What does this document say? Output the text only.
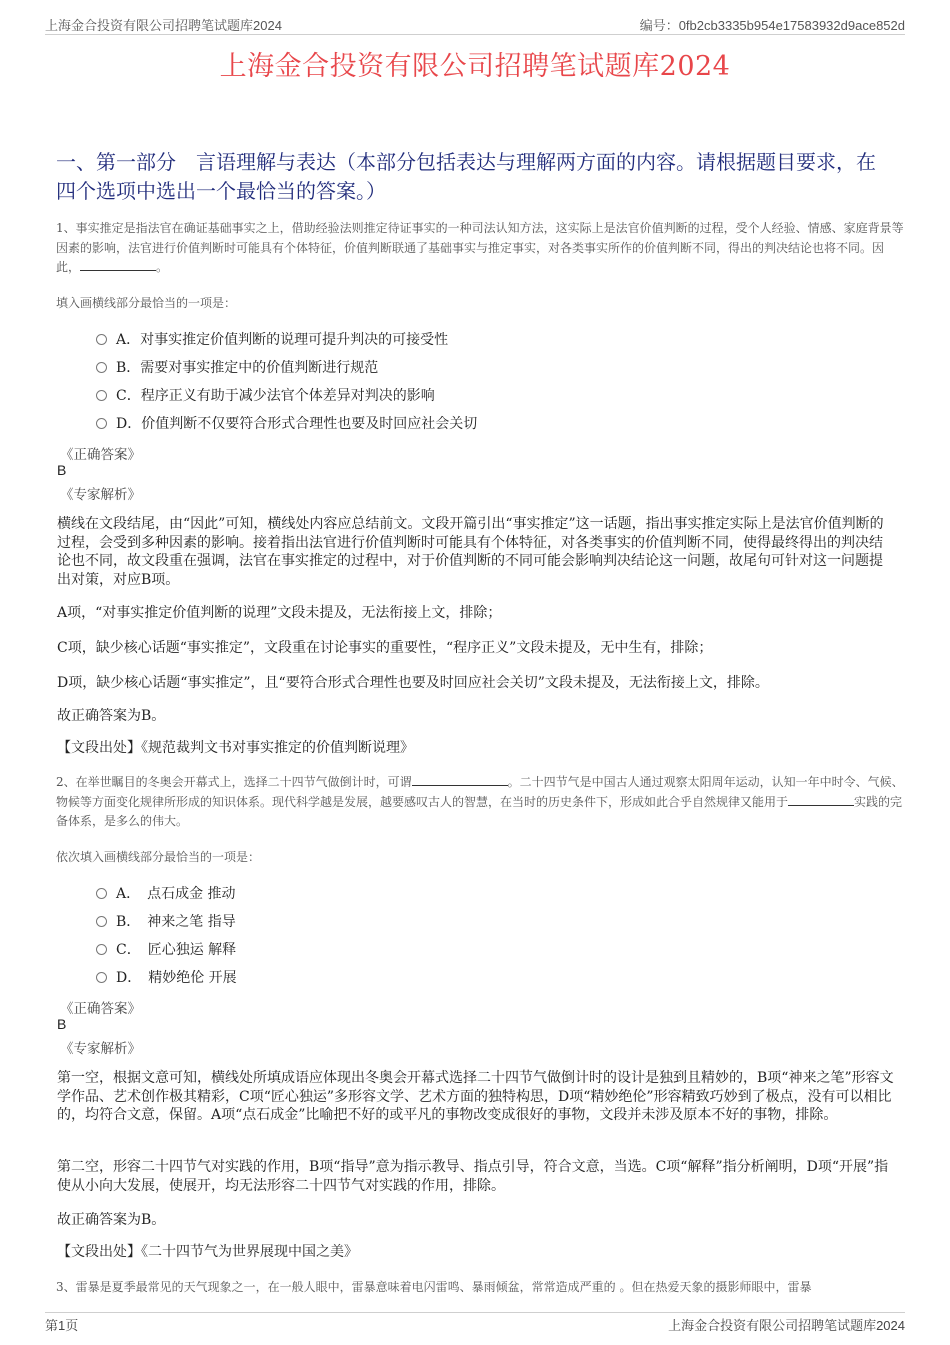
上海金合投资有限公司招聘笔试题库2024	编号：0fb2cb3335b954e17583932d9ace852d
上海金合投资有限公司招聘笔试题库2024
一、第一部分　言语理解与表达（本部分包括表达与理解两方面的内容。请根据题目要求，在四个选项中选出一个最恰当的答案。）
1、事实推定是指法官在确证基础事实之上，借助经验法则推定待证事实的一种司法认知方法，这实际上是法官价值判断的过程，受个人经验、情感、家庭背景等因素的影响，法官进行价值判断时可能具有个体特征，价值判断联通了基础事实与推定事实，对各类事实所作的价值判断不同，得出的判决结论也将不同。因此，	。
填入画横线部分最恰当的一项是：
A．对事实推定价值判断的说理可提升判决的可接受性
B．需要对事实推定中的价值判断进行规范
C．程序正义有助于减少法官个体差异对判决的影响
D．价值判断不仅要符合形式合理性也要及时回应社会关切
《正确答案》
B
《专家解析》
横线在文段结尾，由“因此”可知，横线处内容应总结前文。文段开篇引出“事实推定”这一话题，指出事实推定实际上是法官价值判断的过程，会受到多种因素的影响。接着指出法官进行价值判断时可能具有个体特征，对各类事实的价值判断不同，使得最终得出的判决结论也不同，故文段重在强调，法官在事实推定的过程中，对于价值判断的不同可能会影响判决结论这一问题，故尾句可针对这一问题提出对策，对应B项。
A项，“对事实推定价值判断的说理”文段未提及，无法衔接上文，排除；
C项，缺少核心话题“事实推定”，文段重在讨论事实的重要性，“程序正义”文段未提及，无中生有，排除；
D项，缺少核心话题“事实推定”，且“要符合形式合理性也要及时回应社会关切”文段未提及，无法衔接上文，排除。
故正确答案为B。
【文段出处】《规范裁判文书对事实推定的价值判断说理》
2、在举世瞩目的冬奥会开幕式上，选择二十四节气做倒计时，可谓	。二十四节气是中国古人通过观察太阳周年运动，认知一年中时令、气候、物候等方面变化规律所形成的知识体系。现代科学越是发展，越要感叹古人的智慧，在当时的历史条件下，形成如此合乎自然规律又能用于	实践的完备体系，是多么的伟大。
依次填入画横线部分最恰当的一项是：
A．　点石成金 推动
B．　神来之笔 指导
C．　匠心独运 解释
D．　精妙绝伦 开展
《正确答案》
B
《专家解析》
第一空，根据文意可知，横线处所填成语应体现出冬奥会开幕式选择二十四节气做倒计时的设计是独到且精妙的，B项“神来之笔”形容文学作品、艺术创作极其精彩，C项“匠心独运”多形容文学、艺术方面的独特构思，D项“精妙绝伦”形容精致巧妙到了极点，没有可以相比的，均符合文意，保留。A项“点石成金”比喻把不好的或平凡的事物改变成很好的事物，文段并未涉及原本不好的事物，排除。
第二空，形容二十四节气对实践的作用，B项“指导”意为指示教导、指点引导，符合文意，当选。C项“解释”指分析阐明，D项“开展”指使从小向大发展，使展开，均无法形容二十四节气对实践的作用，排除。
故正确答案为B。
【文段出处】《二十四节气为世界展现中国之美》
3、雷暴是夏季最常见的天气现象之一，在一般人眼中，雷暴意味着电闪雷鸣、暴雨倾盆，常常造成严重的 。但在热爱天象的摄影师眼中，雷暴
第1页	上海金合投资有限公司招聘笔试题库2024
